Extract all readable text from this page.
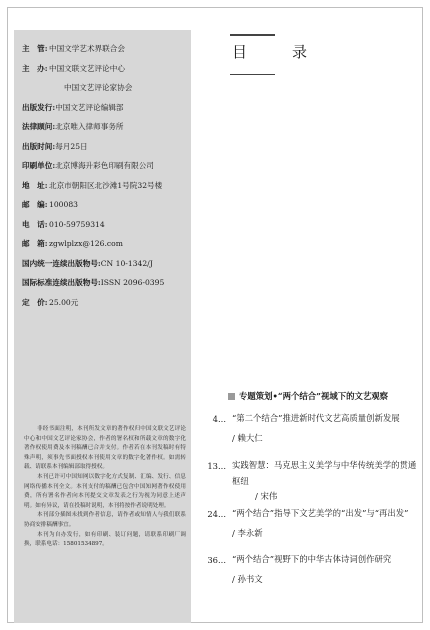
主　管:中国文学艺术界联合会
主　办:中国文联文艺评论中心
中国文艺评论家协会
出版发行:中国文艺评论编辑部
法律顾问:北京唯入律师事务所
出版时间:每月25日
印刷单位:北京博海升彩色印刷有限公司
地　址:北京市朝阳区北沙滩1号院32号楼
邮　编:100083
电　话:010-59759314
邮　箱:zgwlplzx@126.com
国内统一连续出版物号:CN 10-1342/J
国际标准连续出版物号:ISSN 2096-0395
定　价:25.00元

非经书面注明，本刊所发文章的著作权归中国文联文艺评论中心和中国文艺评论家协会，作者的署名权和所载文章的数字化著作权使用费及本刊稿酬已合并支付。作者若在本刊发稿时有特殊声明，须事先书面授权本刊使用文章的数字化著作权。如需转载、请联系本刊编辑部取得授权。

本刊已许可中国知网以数字化方式复制、汇编、发行、信息网络传播本刊全文。本刊支付的稿酬已包含中国知网著作权使用费，所有署名作者向本刊提交文章发表之行为视为同意上述声明。如有异议，请在投稿时说明，本刊将按作者说明处理。

本刊部分插图未找到作者信息，请作者或知情人与我们联系协商安排稿酬事宜。

本刊为自办发行，如有印刷、装订问题，请联系印刷厂调换，联系电话：15801534897。

目　录
专题策划•“两个结合”视域下的文艺观察
4... “第二个结合”推进新时代文艺高质量创新发展
/ 赖大仁
13... 实践智慧：马克思主义美学与中华传统美学的贯通枢纽
/ 宋伟
24... “两个结合”指导下文艺美学的“出发”与“再出发”
/ 李永新
36... “两个结合”视野下的中华古体诗词创作研究
/ 孙书文
